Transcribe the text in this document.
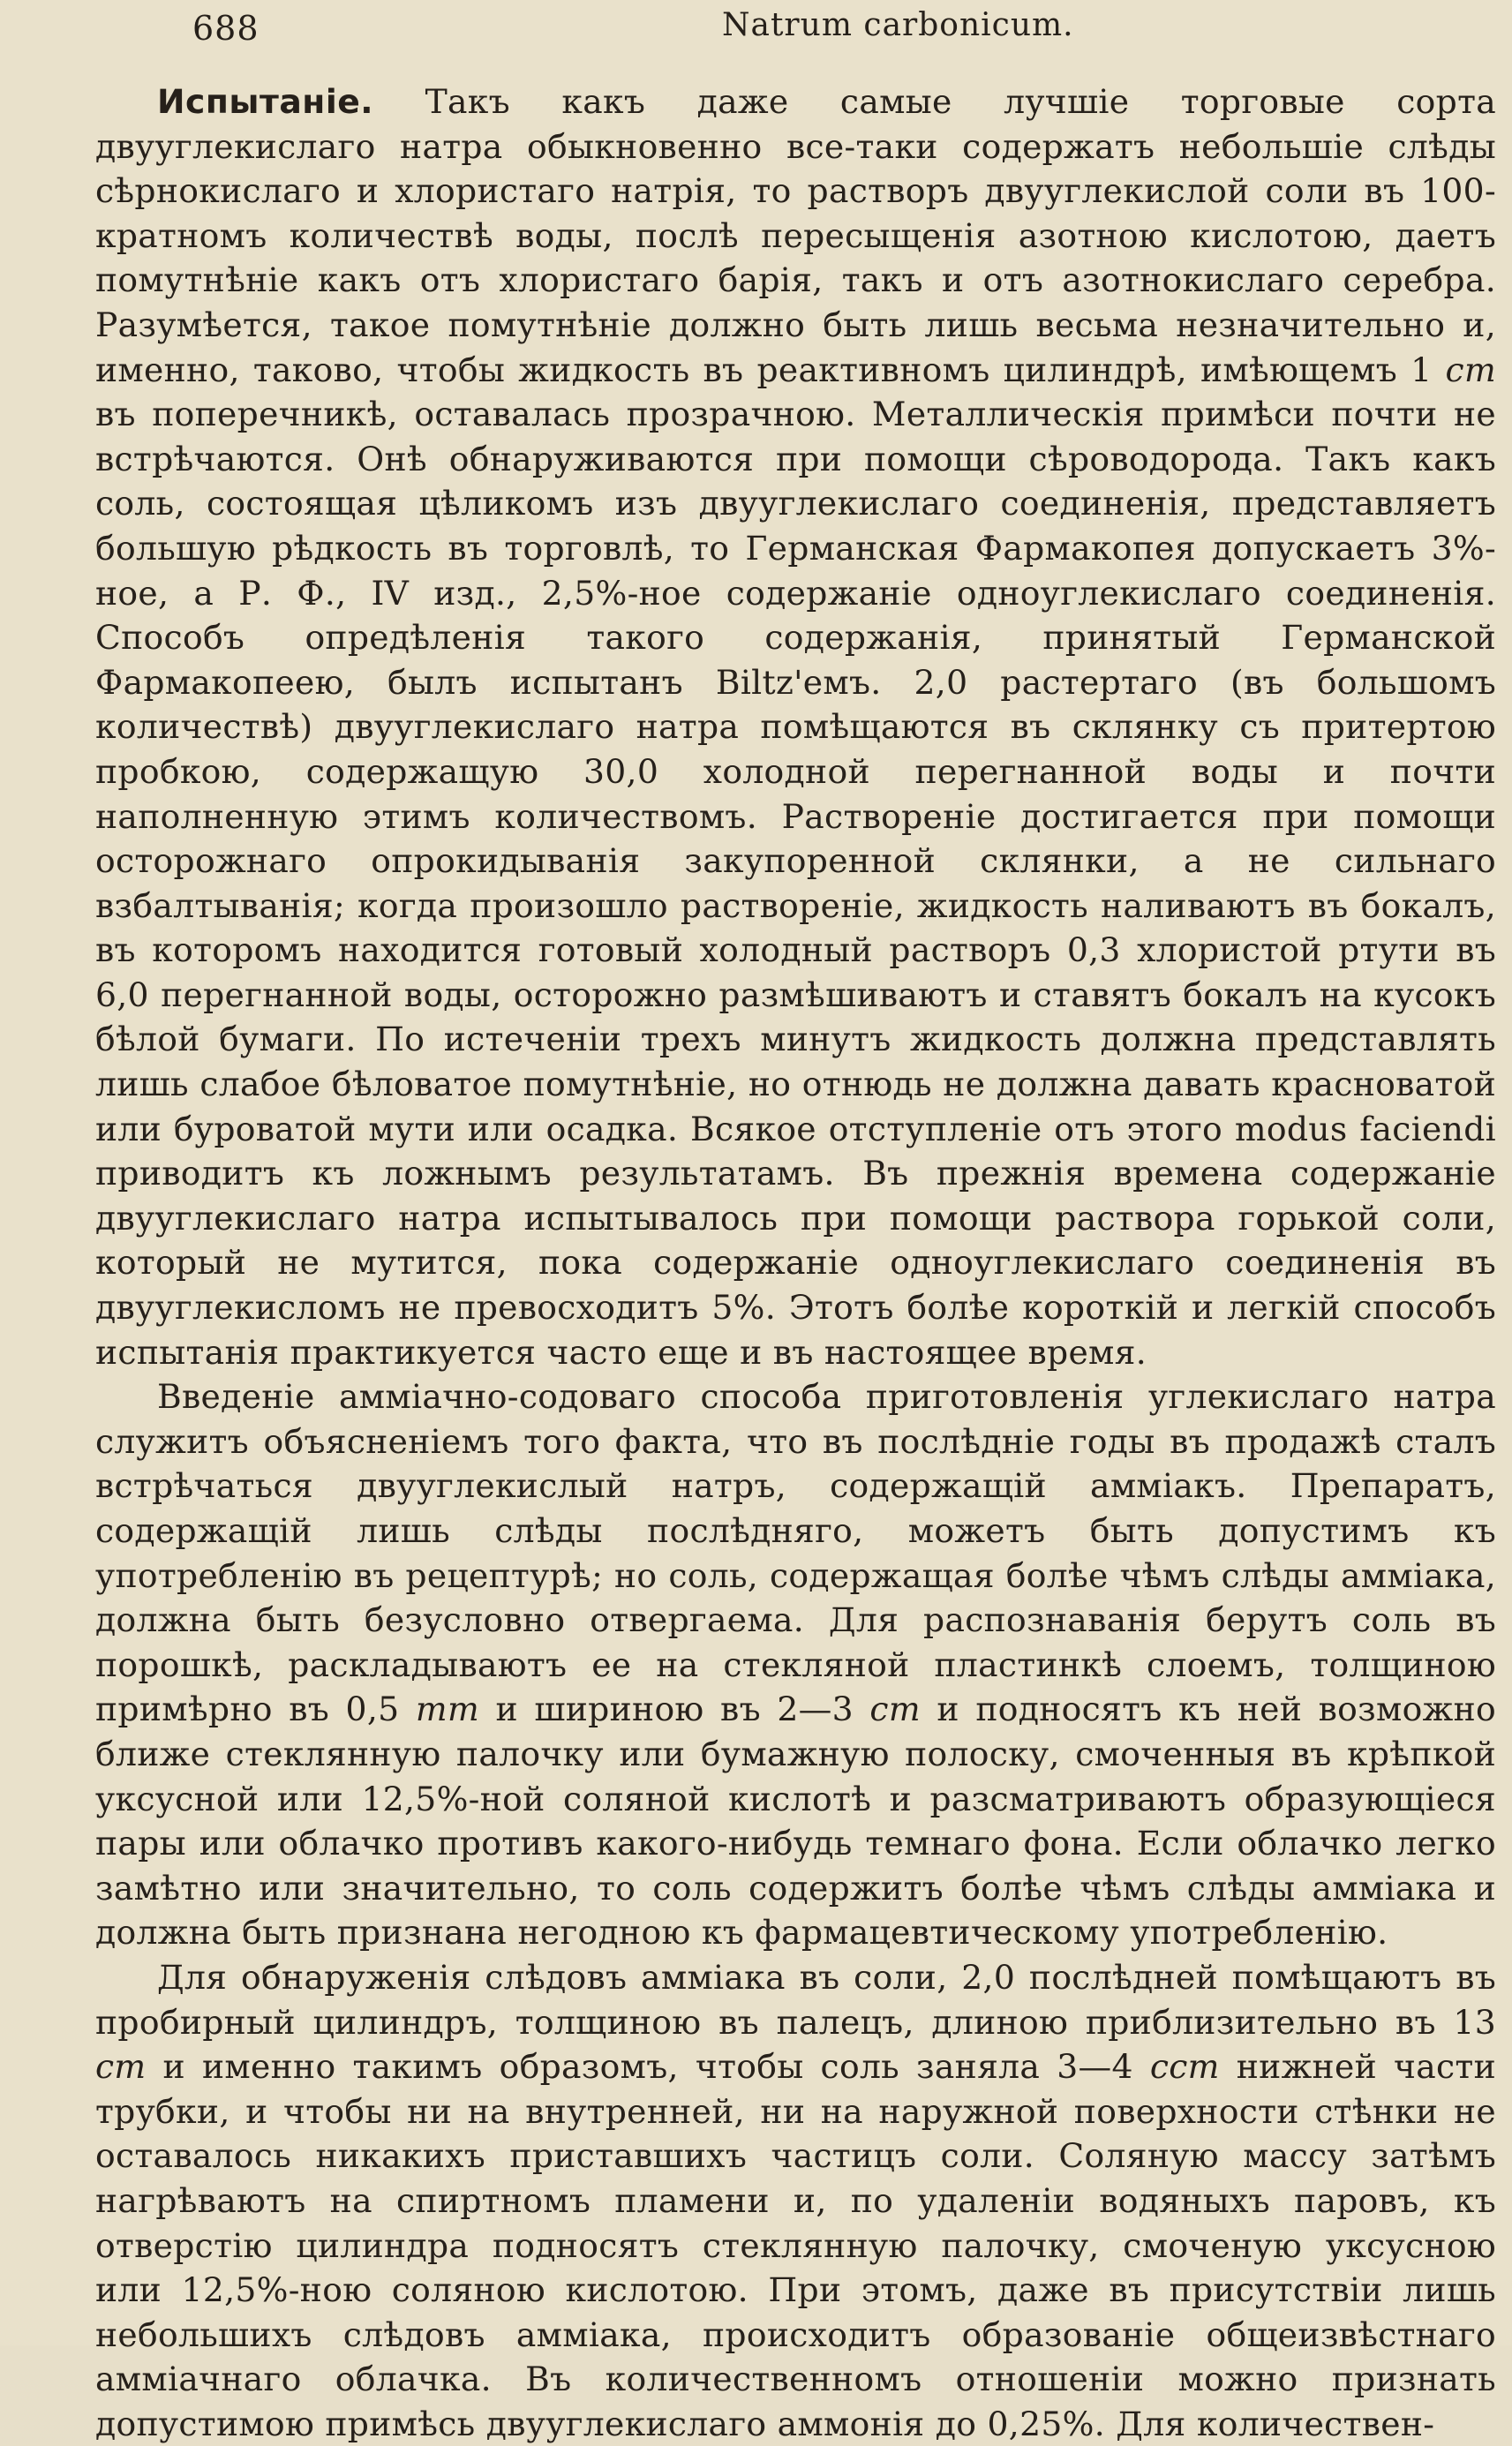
688	Natrum carbonicum.

Испытаніе. Такъ какъ даже самые лучшіе торговые сорта двууглекислаго натра обыкновенно все-таки содержатъ небольшіе слѣды сѣрнокислаго и хлористаго натрія, то растворъ двууглекислой соли въ 100-кратномъ количествѣ воды, послѣ пересыщенія азотною кислотою, даетъ помутнѣніе какъ отъ хлористаго барія, такъ и отъ азотнокислаго серебра. Разумѣется, такое помутнѣніе должно быть лишь весьма незначительно и, именно, таково, чтобы жидкость въ реактивномъ цилиндрѣ, имѣющемъ 1 cm въ поперечникѣ, оставалась прозрачною. Металлическія примѣси почти не встрѣчаются. Онѣ обнаруживаются при помощи сѣроводорода. Такъ какъ соль, состоящая цѣликомъ изъ двууглекислаго соединенія, представляетъ большую рѣдкость въ торговлѣ, то Германская Фармакопея допускаетъ 3%-ное, а Р. Ф., IV изд., 2,5%-ное содержаніе одноуглекислаго соединенія. Способъ опредѣленія такого содержанія, принятый Германской Фармакопеею, былъ испытанъ Biltz'емъ. 2,0 растертаго (въ большомъ количествѣ) двууглекислаго натра помѣщаются въ склянку съ притертою пробкою, содержащую 30,0 холодной перегнанной воды и почти наполненную этимъ количествомъ. Раствореніе достигается при помощи осторожнаго опрокидыванія закупоренной склянки, а не сильнаго взбалтыванія; когда произошло раствореніе, жидкость наливаютъ въ бокалъ, въ которомъ находится готовый холодный растворъ 0,3 хлористой ртути въ 6,0 перегнанной воды, осторожно размѣшиваютъ и ставятъ бокалъ на кусокъ бѣлой бумаги. По истеченіи трехъ минутъ жидкость должна представлять лишь слабое бѣловатое помутнѣніе, но отнюдь не должна давать красноватой или буроватой мути или осадка. Всякое отступленіе отъ этого modus faciendi приводитъ къ ложнымъ результатамъ. Въ прежнія времена содержаніе двууглекислаго натра испытывалось при помощи раствора горькой соли, который не мутится, пока содержаніе одноуглекислаго соединенія въ двууглекисломъ не превосходитъ 5%. Этотъ болѣе короткій и легкій способъ испытанія практикуется часто еще и въ настоящее время.

Введеніе амміачно-содоваго способа приготовленія углекислаго натра служитъ объясненіемъ того факта, что въ послѣдніе годы въ продажѣ сталъ встрѣчаться двууглекислый натръ, содержащій амміакъ. Препаратъ, содержащій лишь слѣды послѣдняго, можетъ быть допустимъ къ употребленію въ рецептурѣ; но соль, содержащая болѣе чѣмъ слѣды амміака, должна быть безусловно отвергаема. Для распознаванія берутъ соль въ порошкѣ, раскладываютъ ее на стекляной пластинкѣ слоемъ, толщиною примѣрно въ 0,5 mm и шириною въ 2—3 cm и подносятъ къ ней возможно ближе стеклянную палочку или бумажную полоску, смоченныя въ крѣпкой уксусной или 12,5%-ной соляной кислотѣ и разсматриваютъ образующіеся пары или облачко противъ какого-нибудь темнаго фона. Если облачко легко замѣтно или значительно, то соль содержитъ болѣе чѣмъ слѣды амміака и должна быть признана негодною къ фармацевтическому употребленію.

Для обнаруженія слѣдовъ амміака въ соли, 2,0 послѣдней помѣщаютъ въ пробирный цилиндръ, толщиною въ палецъ, длиною приблизительно въ 13 cm и именно такимъ образомъ, чтобы соль заняла 3—4 ccm нижней части трубки, и чтобы ни на внутренней, ни на наружной поверхности стѣнки не оставалось никакихъ приставшихъ частицъ соли. Соляную массу затѣмъ нагрѣваютъ на спиртномъ пламени и, по удаленіи водяныхъ паровъ, къ отверстію цилиндра подносятъ стеклянную палочку, смоченую уксусною или 12,5%-ною соляною кислотою. При этомъ, даже въ присутствіи лишь небольшихъ слѣдовъ амміака, происходитъ образованіе общеизвѣстнаго амміачнаго облачка. Въ количественномъ отношеніи можно признать допустимою примѣсь двууглекислаго аммонія до 0,25%. Для количествен-
